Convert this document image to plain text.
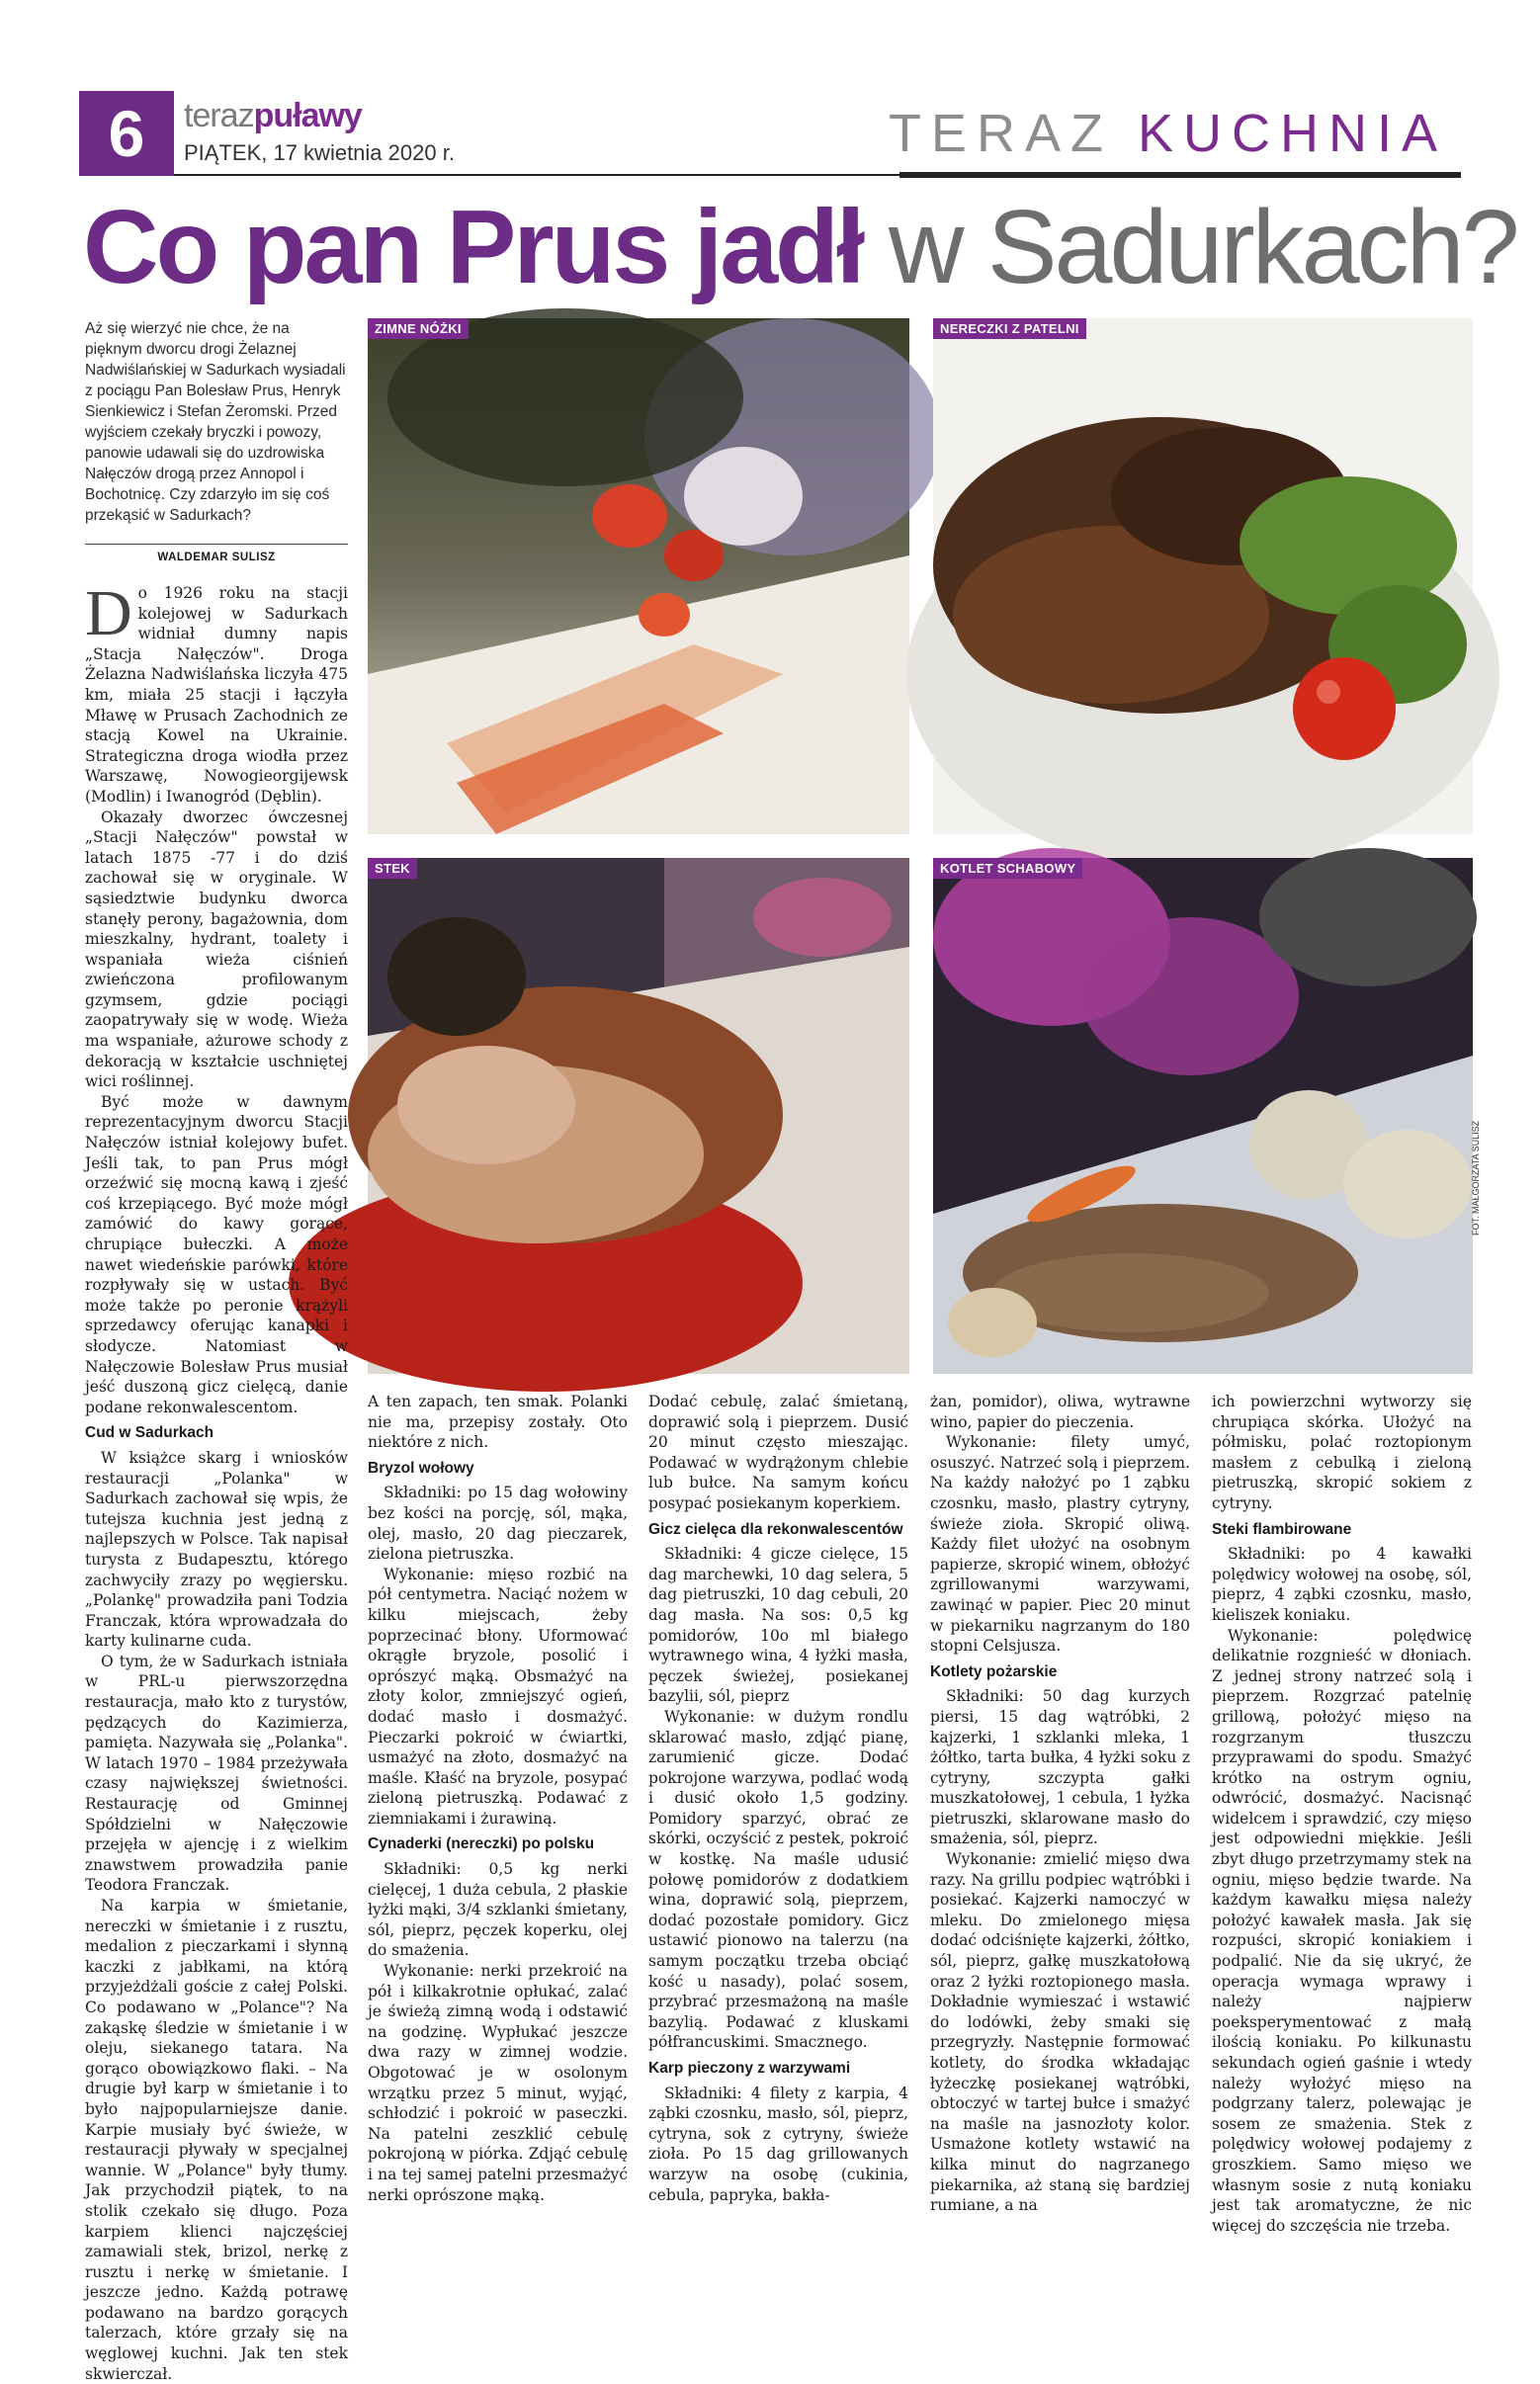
6	terazpuławy
PIĄTEK, 17 kwietnia 2020 r.	TERAZ KUCHNIA
Co pan Prus jadł w Sadurkach?
Aż się wierzyć nie chce, że na pięknym dworcu drogi Żelaznej Nadwiślańskiej w Sadurkach wysiadali z pociągu Pan Bolesław Prus, Henryk Sienkiewicz i Stefan Żeromski. Przed wyjściem czekały bryczki i powozy, panowie udawali się do uzdrowiska Nałęczów drogą przez Annopol i Bochotnicę. Czy zdarzyło im się coś przekąsić w Sadurkach?
WALDEMAR SULISZ
ZIMNE NÓŻKI	NERECZKI Z PATELNI
STEK	KOTLET SCHABOWY
FOT. MAŁGORZATA SULISZ

Do 1926 roku na stacji kolejowej w Sadurkach widniał dumny napis „Stacja Nałęczów". Droga Żelazna Nadwiślańska liczyła 475 km, miała 25 stacji i łączyła Mławę w Prusach Zachodnich ze stacją Kowel na Ukrainie. Strategiczna droga wiodła przez Warszawę, Nowogieorgijewsk (Modlin) i Iwanogród (Dęblin).

Okazały dworzec ówczesnej „Stacji Nałęczów" powstał w latach 1875 -77 i do dziś zachował się w oryginale. W sąsiedztwie budynku dworca stanęły perony, bagażownia, dom mieszkalny, hydrant, toalety i wspaniała wieża ciśnień zwieńczona profilowanym gzymsem, gdzie pociągi zaopatrywały się w wodę. Wieża ma wspaniałe, ażurowe schody z dekoracją w kształcie uschniętej wici roślinnej.

Być może w dawnym reprezentacyjnym dworcu Stacji Nałęczów istniał kolejowy bufet. Jeśli tak, to pan Prus mógł orzeźwić się mocną kawą i zjeść coś krzepiącego. Być może mógł zamówić do kawy gorące, chrupiące bułeczki. A może nawet wiedeńskie parówki, które rozpływały się w ustach. Być może także po peronie krążyli sprzedawcy oferując kanapki i słodycze. Natomiast w Nałęczowie Bolesław Prus musiał jeść duszoną gicz cielęcą, danie podane rekonwalescentom.

Cud w Sadurkach

W książce skarg i wniosków restauracji „Polanka" w Sadurkach zachował się wpis, że tutejsza kuchnia jest jedną z najlepszych w Polsce. Tak napisał turysta z Budapesztu, którego zachwyciły zrazy po węgiersku. „Polankę" prowadziła pani Todzia Franczak, która wprowadzała do karty kulinarne cuda.

O tym, że w Sadurkach istniała w PRL-u pierwszorzędna restauracja, mało kto z turystów, pędzących do Kazimierza, pamięta. Nazywała się „Polanka". W latach 1970 – 1984 przeżywała czasy największej świetności. Restaurację od Gminnej Spółdzielni w Nałęczowie przejęła w ajencję i z wielkim znawstwem prowadziła panie Teodora Franczak.

Na karpia w śmietanie, nereczki w śmietanie i z rusztu, medalion z pieczarkami i słynną kaczki z jabłkami, na którą przyjeżdżali goście z całej Polski. Co podawano w „Polance"? Na zakąskę śledzie w śmietanie i w oleju, siekanego tatara. Na gorąco obowiązkowo flaki. – Na drugie był karp w śmietanie i to było najpopularniejsze danie. Karpie musiały być świeże, w restauracji pływały w specjalnej wannie. W „Polance" były tłumy. Jak przychodził piątek, to na stolik czekało się długo. Poza karpiem klienci najczęściej zamawiali stek, brizol, nerkę z rusztu i nerkę w śmietanie. I jeszcze jedno. Każdą potrawę podawano na bardzo gorących talerzach, które grzały się na węglowej kuchni. Jak ten stek skwierczał.

A ten zapach, ten smak. Polanki nie ma, przepisy zostały. Oto niektóre z nich.

Bryzol wołowy

Składniki: po 15 dag wołowiny bez kości na porcję, sól, mąka, olej, masło, 20 dag pieczarek, zielona pietruszka.

Wykonanie: mięso rozbić na pół centymetra. Naciąć nożem w kilku miejscach, żeby poprzecinać błony. Uformować okrągłe bryzole, posolić i oprószyć mąką. Obsmażyć na złoty kolor, zmniejszyć ogień, dodać masło i dosmażyć. Pieczarki pokroić w ćwiartki, usmażyć na złoto, dosmażyć na maśle. Kłaść na bryzole, posypać zieloną pietruszką. Podawać z ziemniakami i żurawiną.

Cynaderki (nereczki) po polsku

Składniki: 0,5 kg nerki cielęcej, 1 duża cebula, 2 płaskie łyżki mąki, 3/4 szklanki śmietany, sól, pieprz, pęczek koperku, olej do smażenia.

Wykonanie: nerki przekroić na pół i kilkakrotnie opłukać, zalać je świeżą zimną wodą i odstawić na godzinę. Wypłukać jeszcze dwa razy w zimnej wodzie. Obgotować je w osolonym wrzątku przez 5 minut, wyjąć, schłodzić i pokroić w paseczki. Na patelni zeszklić cebulę pokrojoną w piórka. Zdjąć cebulę i na tej samej patelni przesmażyć nerki oprószone mąką.

Dodać cebulę, zalać śmietaną, doprawić solą i pieprzem. Dusić 20 minut często mieszając. Podawać w wydrążonym chlebie lub bułce. Na samym końcu posypać posiekanym koperkiem.

Gicz cielęca dla rekonwalescentów

Składniki: 4 gicze cielęce, 15 dag marchewki, 10 dag selera, 5 dag pietruszki, 10 dag cebuli, 20 dag masła. Na sos: 0,5 kg pomidorów, 10o ml białego wytrawnego wina, 4 łyżki masła, pęczek świeżej, posiekanej bazylii, sól, pieprz

Wykonanie: w dużym rondlu sklarować masło, zdjąć pianę, zarumienić gicze. Dodać pokrojone warzywa, podlać wodą i dusić około 1,5 godziny. Pomidory sparzyć, obrać ze skórki, oczyścić z pestek, pokroić w kostkę. Na maśle udusić połowę pomidorów z dodatkiem wina, doprawić solą, pieprzem, dodać pozostałe pomidory. Gicz ustawić pionowo na talerzu (na samym początku trzeba obciąć kość u nasady), polać sosem, przybrać przesmażoną na maśle bazylią. Podawać z kluskami półfrancuskimi. Smacznego.

Karp pieczony z warzywami

Składniki: 4 filety z karpia, 4 ząbki czosnku, masło, sól, pieprz, cytryna, sok z cytryny, świeże zioła. Po 15 dag grillowanych warzyw na osobę (cukinia, cebula, papryka, bakła-

żan, pomidor), oliwa, wytrawne wino, papier do pieczenia.

Wykonanie: filety umyć, osuszyć. Natrzeć solą i pieprzem. Na każdy nałożyć po 1 ząbku czosnku, masło, plastry cytryny, świeże zioła. Skropić oliwą. Każdy filet ułożyć na osobnym papierze, skropić winem, obłożyć zgrillowanymi warzywami, zawinąć w papier. Piec 20 minut w piekarniku nagrzanym do 180 stopni Celsjusza.

Kotlety pożarskie

Składniki: 50 dag kurzych piersi, 15 dag wątróbki, 2 kajzerki, 1 szklanki mleka, 1 żółtko, tarta bułka, 4 łyżki soku z cytryny, szczypta gałki muszkatołowej, 1 cebula, 1 łyżka pietruszki, sklarowane masło do smażenia, sól, pieprz.

Wykonanie: zmielić mięso dwa razy. Na grillu podpiec wątróbki i posiekać. Kajzerki namoczyć w mleku. Do zmielonego mięsa dodać odciśnięte kajzerki, żółtko, sól, pieprz, gałkę muszkatołową oraz 2 łyżki roztopionego masła. Dokładnie wymieszać i wstawić do lodówki, żeby smaki się przegryzły. Następnie formować kotlety, do środka wkładając łyżeczkę posiekanej wątróbki, obtoczyć w tartej bułce i smażyć na maśle na jasnozłoty kolor. Usmażone kotlety wstawić na kilka minut do nagrzanego piekarnika, aż staną się bardziej rumiane, a na

ich powierzchni wytworzy się chrupiąca skórka. Ułożyć na półmisku, polać roztopionym masłem z cebulką i zieloną pietruszką, skropić sokiem z cytryny.

Steki flambirowane

Składniki: po 4 kawałki polędwicy wołowej na osobę, sól, pieprz, 4 ząbki czosnku, masło, kieliszek koniaku.

Wykonanie: polędwicę delikatnie rozgnieść w dłoniach. Z jednej strony natrzeć solą i pieprzem. Rozgrzać patelnię grillową, położyć mięso na rozgrzanym tłuszczu przyprawami do spodu. Smażyć krótko na ostrym ogniu, odwrócić, dosmażyć. Nacisnąć widelcem i sprawdzić, czy mięso jest odpowiedni miękkie. Jeśli zbyt długo przetrzymamy stek na ogniu, mięso będzie twarde. Na każdym kawałku mięsa należy położyć kawałek masła. Jak się rozpuści, skropić koniakiem i podpalić. Nie da się ukryć, że operacja wymaga wprawy i należy najpierw poeksperymentować z małą ilością koniaku. Po kilkunastu sekundach ogień gaśnie i wtedy należy wyłożyć mięso na podgrzany talerz, polewając je sosem ze smażenia. Stek z polędwicy wołowej podajemy z groszkiem. Samo mięso we własnym sosie z nutą koniaku jest tak aromatyczne, że nic więcej do szczęścia nie trzeba.
